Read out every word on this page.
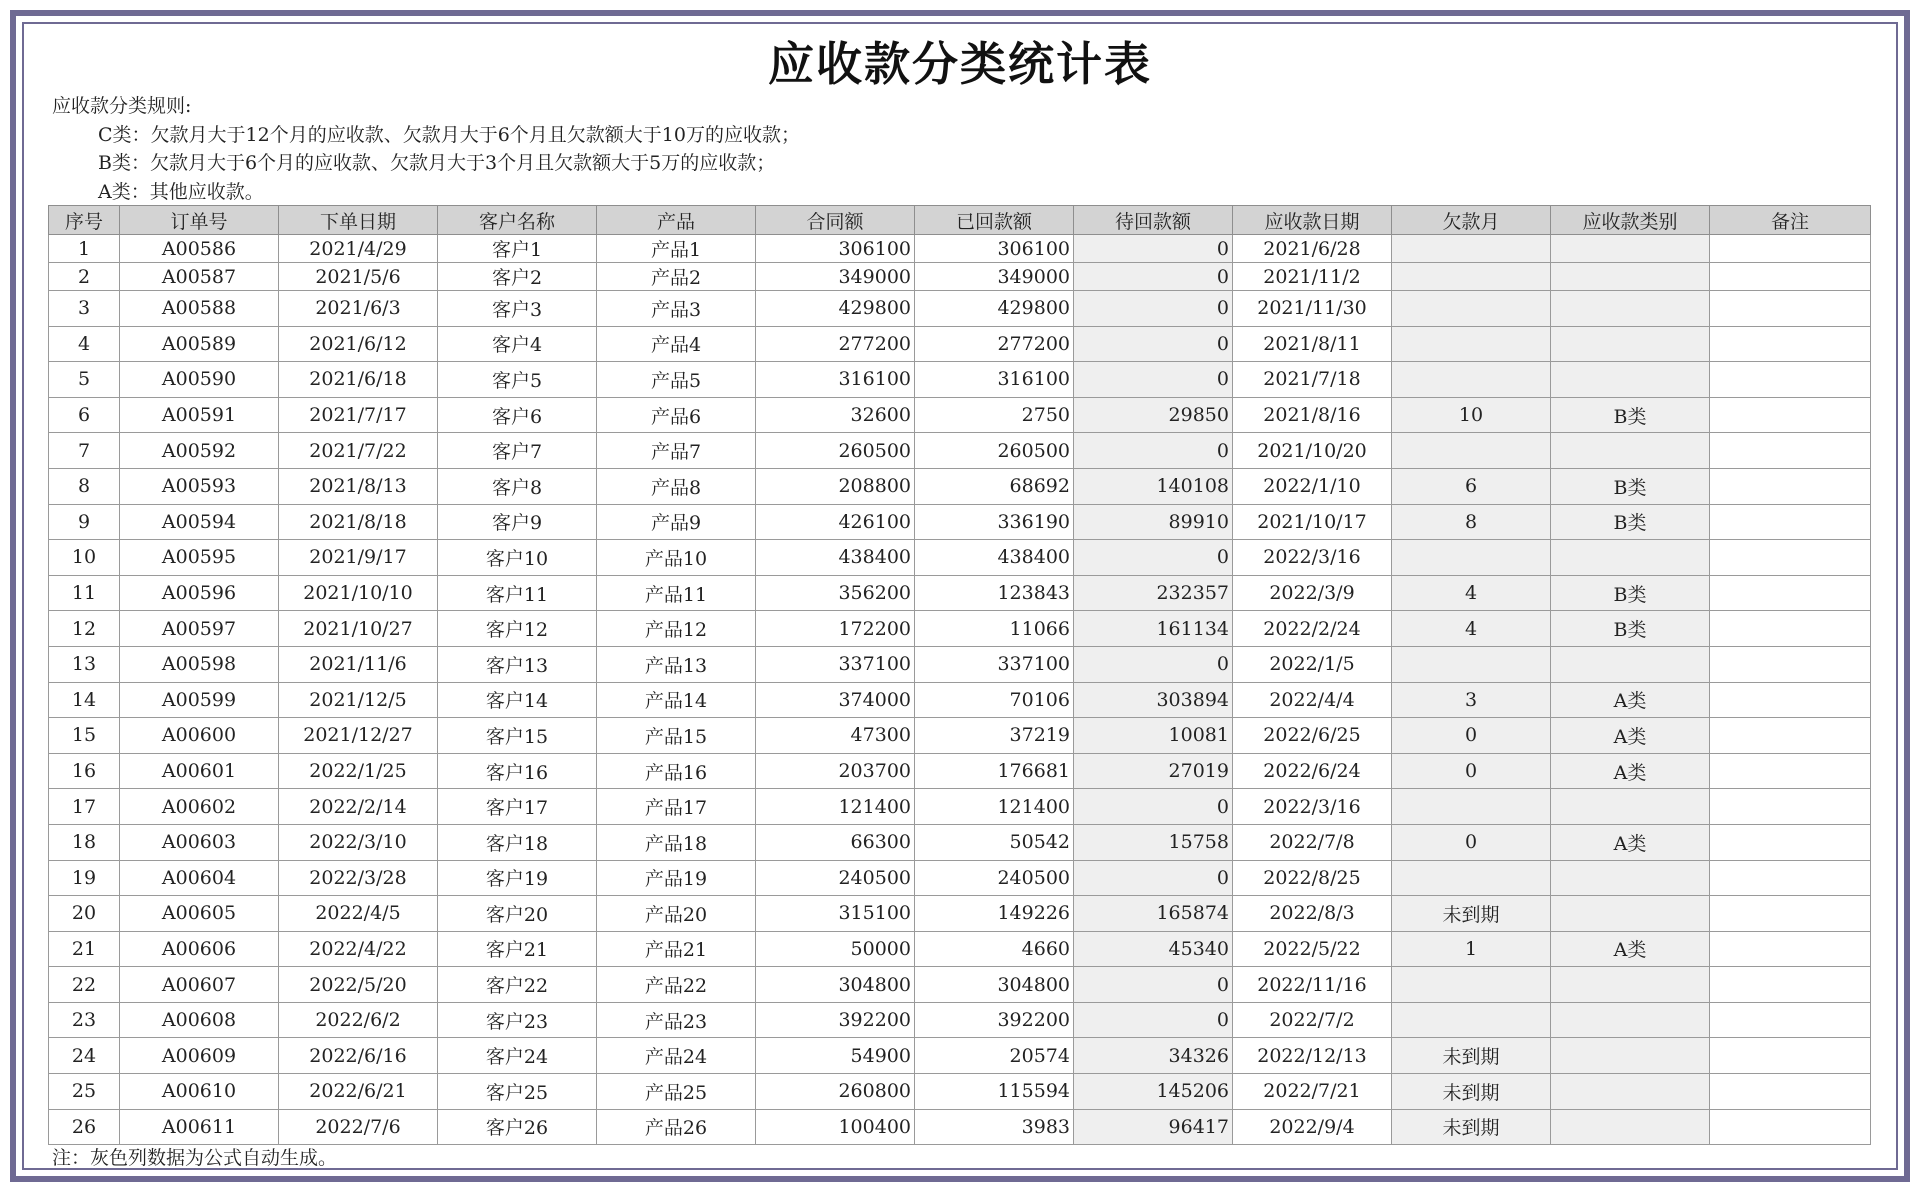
应收款分类统计表
应收款分类规则:
C类：欠款月大于12个月的应收款、欠款月大于6个月且欠款额大于10万的应收款；
B类：欠款月大于6个月的应收款、欠款月大于3个月且欠款额大于5万的应收款；
A类：其他应收款。
序号	订单号	下单日期	客户名称	产品	合同额	已回款额	待回款额	应收款日期	欠款月	应收款类别	备注
1	A00586	2021/4/29	客户1	产品1	306100	306100	0	2021/6/28			
2	A00587	2021/5/6	客户2	产品2	349000	349000	0	2021/11/2			
3	A00588	2021/6/3	客户3	产品3	429800	429800	0	2021/11/30			
4	A00589	2021/6/12	客户4	产品4	277200	277200	0	2021/8/11			
5	A00590	2021/6/18	客户5	产品5	316100	316100	0	2021/7/18			
6	A00591	2021/7/17	客户6	产品6	32600	2750	29850	2021/8/16	10	B类	
7	A00592	2021/7/22	客户7	产品7	260500	260500	0	2021/10/20			
8	A00593	2021/8/13	客户8	产品8	208800	68692	140108	2022/1/10	6	B类	
9	A00594	2021/8/18	客户9	产品9	426100	336190	89910	2021/10/17	8	B类	
10	A00595	2021/9/17	客户10	产品10	438400	438400	0	2022/3/16			
11	A00596	2021/10/10	客户11	产品11	356200	123843	232357	2022/3/9	4	B类	
12	A00597	2021/10/27	客户12	产品12	172200	11066	161134	2022/2/24	4	B类	
13	A00598	2021/11/6	客户13	产品13	337100	337100	0	2022/1/5			
14	A00599	2021/12/5	客户14	产品14	374000	70106	303894	2022/4/4	3	A类	
15	A00600	2021/12/27	客户15	产品15	47300	37219	10081	2022/6/25	0	A类	
16	A00601	2022/1/25	客户16	产品16	203700	176681	27019	2022/6/24	0	A类	
17	A00602	2022/2/14	客户17	产品17	121400	121400	0	2022/3/16			
18	A00603	2022/3/10	客户18	产品18	66300	50542	15758	2022/7/8	0	A类	
19	A00604	2022/3/28	客户19	产品19	240500	240500	0	2022/8/25			
20	A00605	2022/4/5	客户20	产品20	315100	149226	165874	2022/8/3	未到期		
21	A00606	2022/4/22	客户21	产品21	50000	4660	45340	2022/5/22	1	A类	
22	A00607	2022/5/20	客户22	产品22	304800	304800	0	2022/11/16			
23	A00608	2022/6/2	客户23	产品23	392200	392200	0	2022/7/2			
24	A00609	2022/6/16	客户24	产品24	54900	20574	34326	2022/12/13	未到期		
25	A00610	2022/6/21	客户25	产品25	260800	115594	145206	2022/7/21	未到期		
26	A00611	2022/7/6	客户26	产品26	100400	3983	96417	2022/9/4	未到期		
注：灰色列数据为公式自动生成。
